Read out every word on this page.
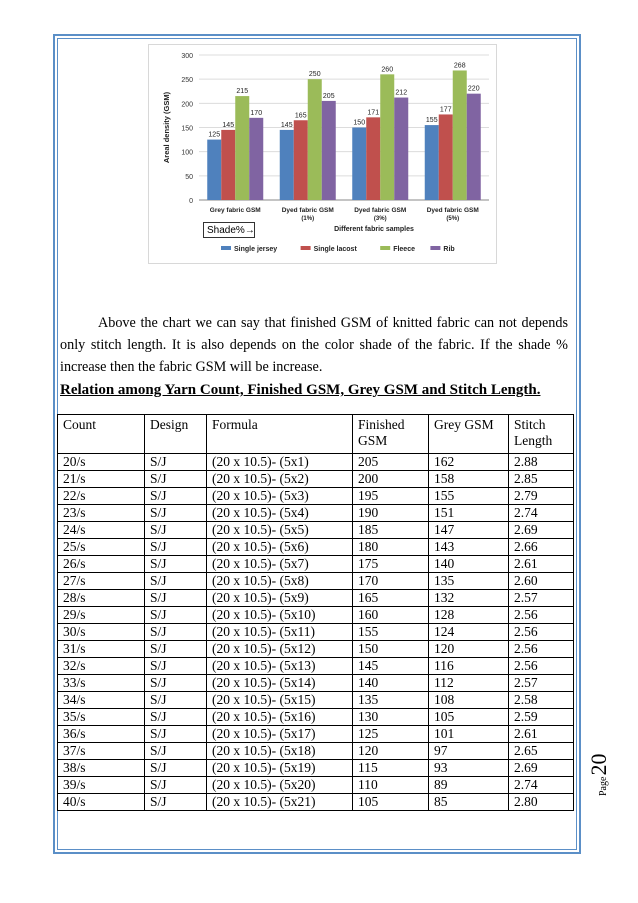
0
50
100
150
200
250
300
Areal density (GSM)	125
145
215
170
Grey fabric GSM
145
165
250
205
Dyed fabric GSM
(1%)
150
171
260
212
Dyed fabric GSM
(3%)
155
177
268
220
Dyed fabric GSM
(5%)
Different fabric samples
Single jersey	Single lacost	Fleece	Rib
Shade%→

Above the chart we can say that finished GSM of knitted fabric can not depends only stitch length. It is also depends on the color shade of the fabric. If the shade % increase then the fabric GSM will be increase.

Relation among Yarn Count, Finished GSM, Grey GSM and Stitch Length.
Count	Design	Formula	Finished GSM	Grey GSM	Stitch Length
20/s	S/J	(20 x 10.5)- (5x1)	205	162	2.88
21/s	S/J	(20 x 10.5)- (5x2)	200	158	2.85
22/s	S/J	(20 x 10.5)- (5x3)	195	155	2.79
23/s	S/J	(20 x 10.5)- (5x4)	190	151	2.74
24/s	S/J	(20 x 10.5)- (5x5)	185	147	2.69
25/s	S/J	(20 x 10.5)- (5x6)	180	143	2.66
26/s	S/J	(20 x 10.5)- (5x7)	175	140	2.61
27/s	S/J	(20 x 10.5)- (5x8)	170	135	2.60
28/s	S/J	(20 x 10.5)- (5x9)	165	132	2.57
29/s	S/J	(20 x 10.5)- (5x10)	160	128	2.56
30/s	S/J	(20 x 10.5)- (5x11)	155	124	2.56
31/s	S/J	(20 x 10.5)- (5x12)	150	120	2.56
32/s	S/J	(20 x 10.5)- (5x13)	145	116	2.56
33/s	S/J	(20 x 10.5)- (5x14)	140	112	2.57
34/s	S/J	(20 x 10.5)- (5x15)	135	108	2.58
35/s	S/J	(20 x 10.5)- (5x16)	130	105	2.59
36/s	S/J	(20 x 10.5)- (5x17)	125	101	2.61
37/s	S/J	(20 x 10.5)- (5x18)	120	97	2.65
38/s	S/J	(20 x 10.5)- (5x19)	115	93	2.69
39/s	S/J	(20 x 10.5)- (5x20)	110	89	2.74
40/s	S/J	(20 x 10.5)- (5x21)	105	85	2.80
Page20
